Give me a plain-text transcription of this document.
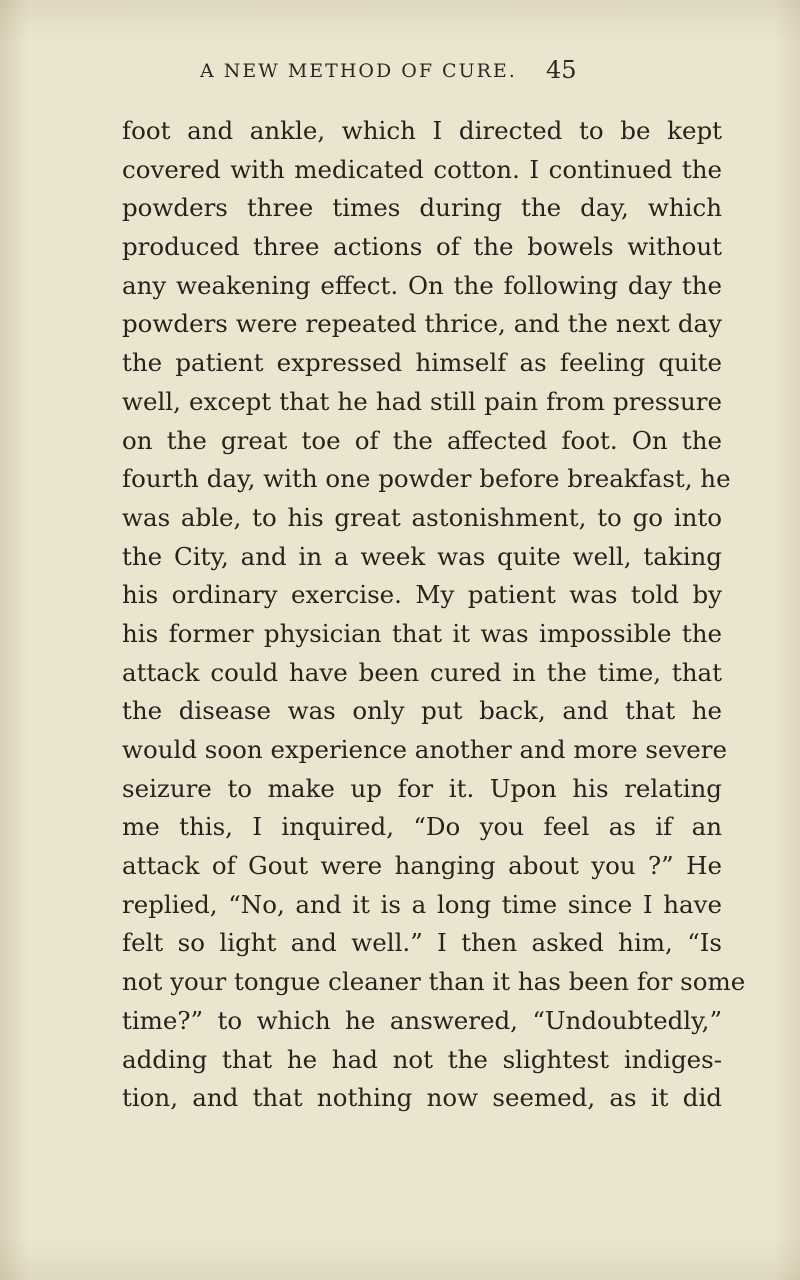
A NEW METHOD OF CURE. 45
foot and ankle, which I directed to be kept
covered with medicated cotton. I continued the
powders three times during the day, which
produced three actions of the bowels without
any weakening effect. On the following day the
powders were repeated thrice, and the next day
the patient expressed himself as feeling quite
well, except that he had still pain from pressure
on the great toe of the affected foot. On the
fourth day, with one powder before breakfast, he
was able, to his great astonishment, to go into
the City, and in a week was quite well, taking
his ordinary exercise. My patient was told by
his former physician that it was impossible the
attack could have been cured in the time, that
the disease was only put back, and that he
would soon experience another and more severe
seizure to make up for it. Upon his relating
me this, I inquired, “Do you feel as if an
attack of Gout were hanging about you ?” He
replied, “No, and it is a long time since I have
felt so light and well.” I then asked him, “Is
not your tongue cleaner than it has been for some
time?” to which he answered, “Undoubtedly,”
adding that he had not the slightest indiges-
tion, and that nothing now seemed, as it did
